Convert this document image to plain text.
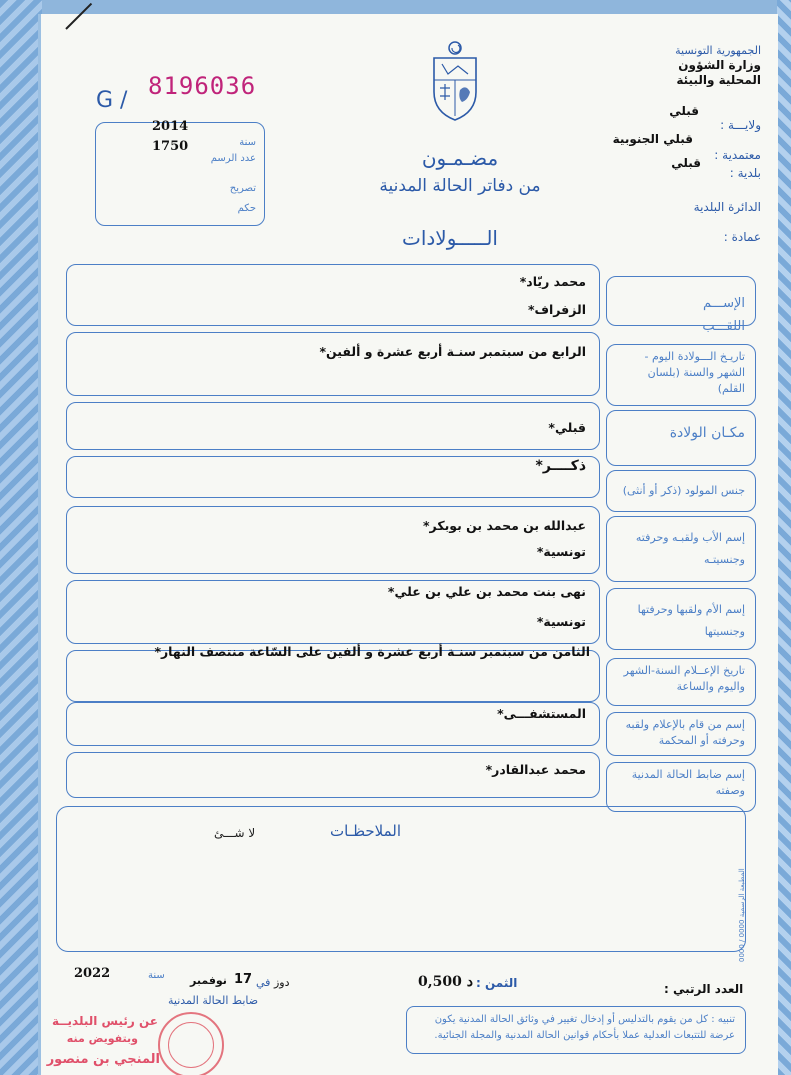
G /
8196036
2014
سنة
1750
عدد الرسم
تصريح
حكم
الجمهورية التونسية
وزارة الشؤون المحلية والبيئة
قبلي
ولايـــة :
قبلي الجنوبية
معتمدية :
قبلي
بلدية :
الدائرة البلدية
عمادة :
مضـمـون
من دفاتر الحالة المدنية
الـــــولادات
الإســـم
اللقـــب
محمد ريّاد*
الزفراف*
تاريـخ الـــولادة اليوم - الشهر والسنة (بلسان القلم)
الرابع من سبتمبر سنـة أربع عشرة و ألفين*
مكـان الولادة
قبلي*
جنس المولود (ذكر أو أنثى)
ذكــــر*
إسم الأب ولقبـه وحرفته وجنسيتـه
عبدالله بن محمد بن بوبكر*
تونسية*
إسم الأم ولقبها وحرفتها وجنسيتها
نهى بنت محمد بن علي بن علي*
تونسية*
تاريخ الإعــلام السنة-الشهر واليوم والساعة
الثامن من سبتمبر سنـة أربع عشرة و ألفين على السّاعة منتصف النهار*
إسم من قام بالإعلام ولقبه وحرفته أو المحكمة
المستشفـــى*
إسم ضابط الحالة المدنية وصفته
محمد عبدالقادر*
الملاحظـات
لا شـــئ
المطبعة الرسمية 0000 / 0000
العدد الرتبي :
الثمن :
0,500 د
دوز
في
17
نوفمبر
سنة
2022
ضابط الحالة المدنية
تنبيه : كل من يقوم بالتدليس أو إدخال تغيير في وثائق الحالة المدنية يكون عرضة للتتبعات العدلية عملا بأحكام قوانين الحالة المدنية والمجلة الجنائية.
عن رئيس البلديــة
وبتفويض منه
المنجي بن منصور
